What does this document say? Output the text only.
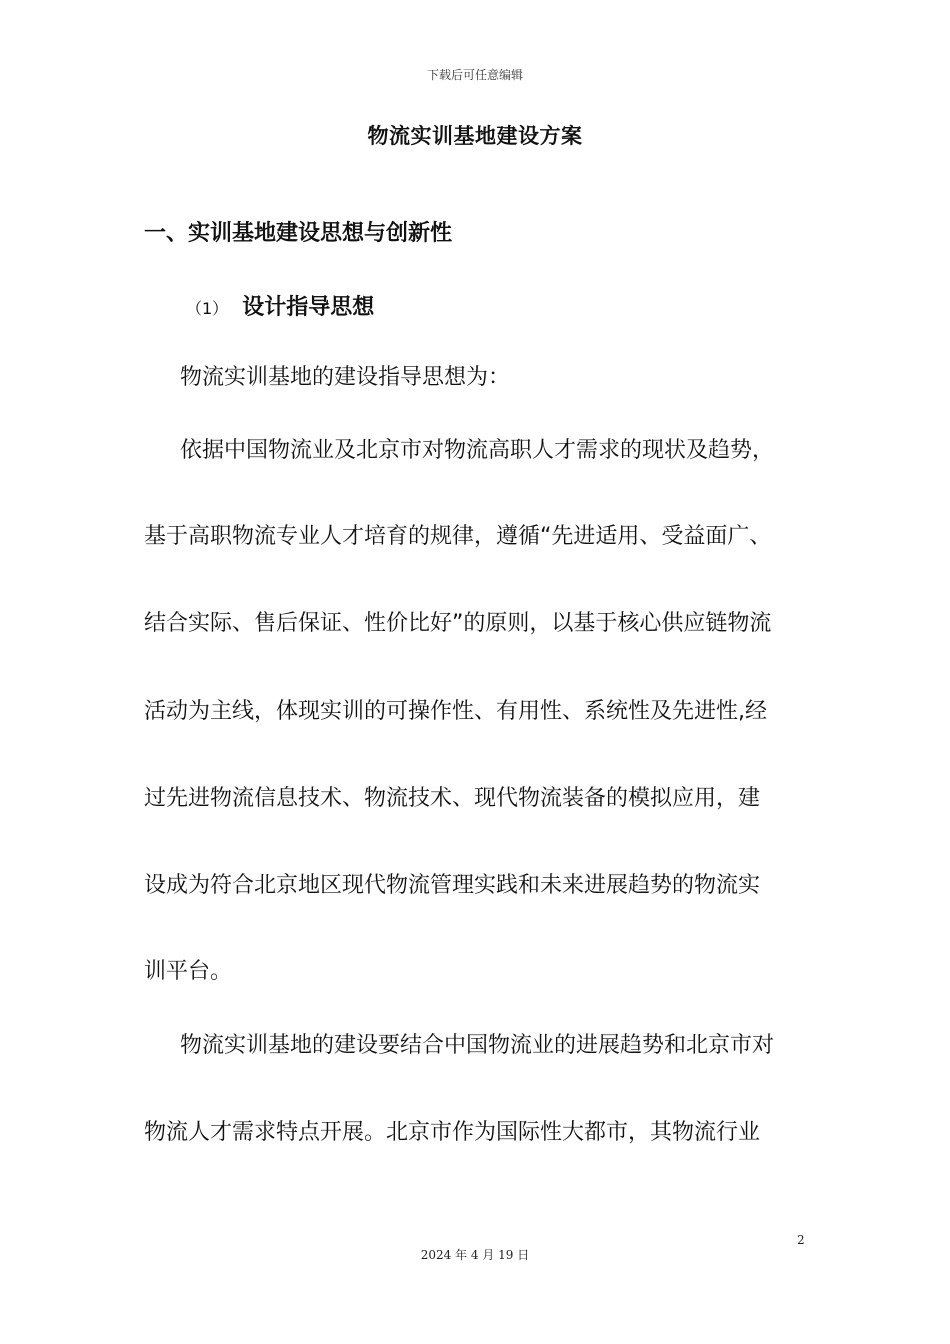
下载后可任意编辑
物流实训基地建设方案
一、实训基地建设思想与创新性
（1） 设计指导思想
物流实训基地的建设指导思想为：
依据中国物流业及北京市对物流高职人才需求的现状及趋势，
基于高职物流专业人才培育的规律，遵循“先进适用、受益面广、
结合实际、售后保证、性价比好”的原则，以基于核心供应链物流
活动为主线，体现实训的可操作性、有用性、系统性及先进性,经
过先进物流信息技术、物流技术、现代物流装备的模拟应用，建
设成为符合北京地区现代物流管理实践和未来进展趋势的物流实
训平台。
物流实训基地的建设要结合中国物流业的进展趋势和北京市对
物流人才需求特点开展。北京市作为国际性大都市，其物流行业
2
2024 年 4 月 19 日
